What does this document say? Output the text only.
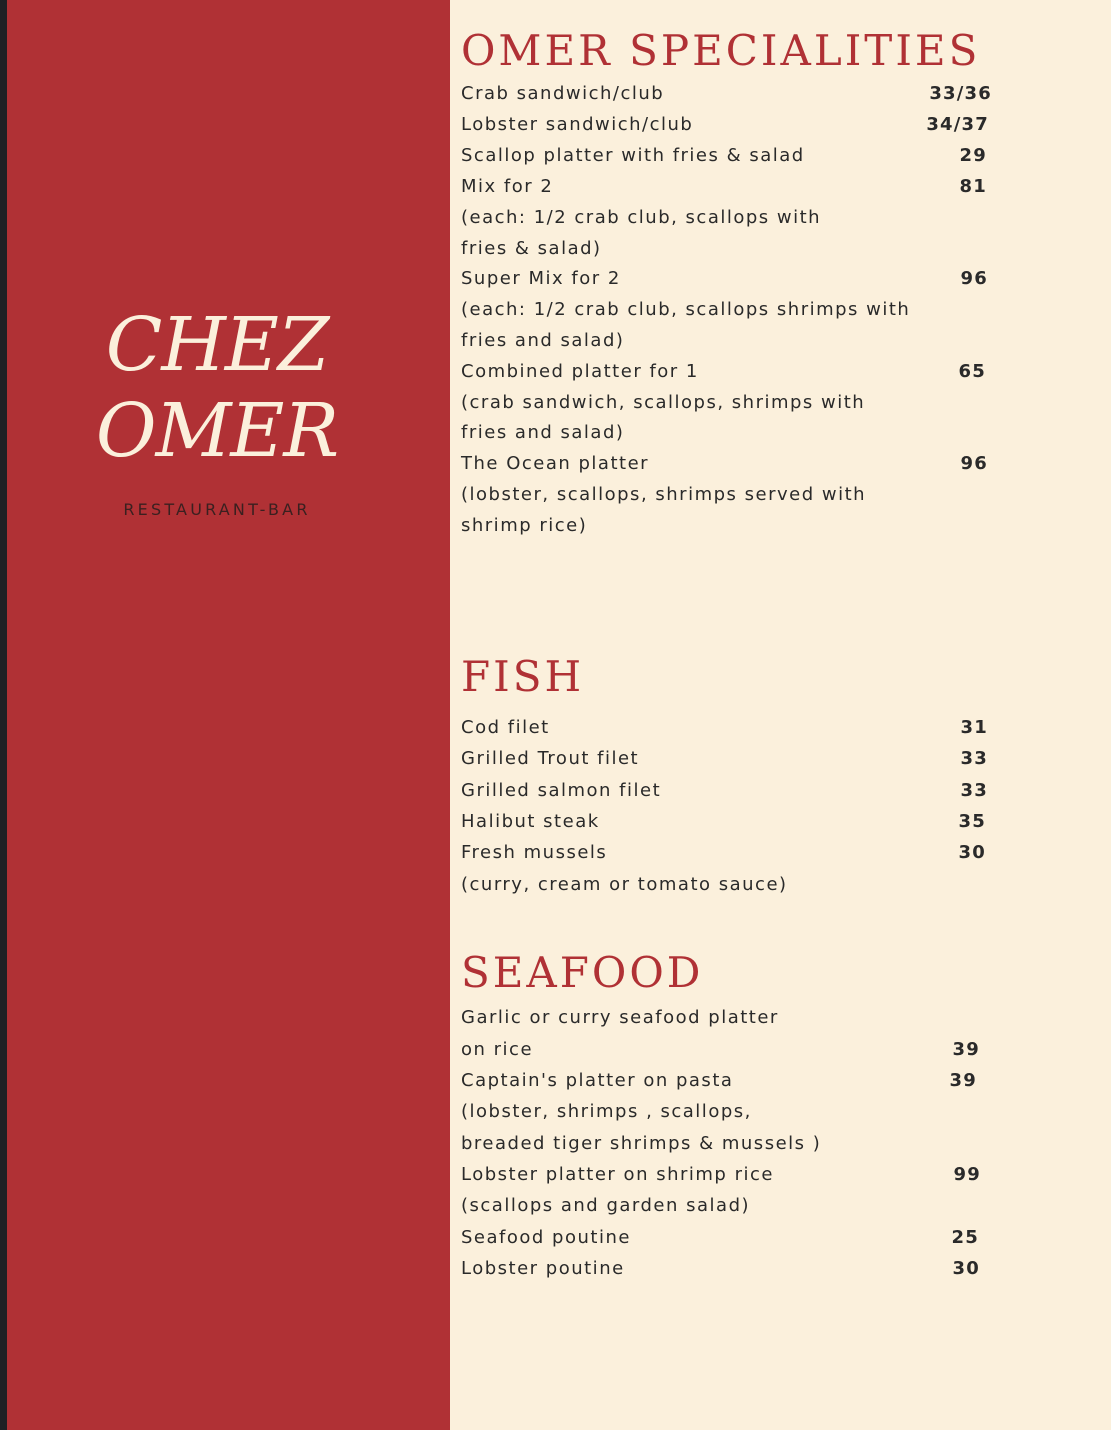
CHEZ
OMER
RESTAURANT-BAR
OMER SPECIALITIES
Crab sandwich/club	33/36
Lobster sandwich/club	34/37
Scallop platter with fries & salad	29
Mix for 2	81
(each: 1/2 crab club, scallops with
fries & salad)
Super Mix for 2	96
(each: 1/2 crab club, scallops shrimps with
fries and salad)
Combined platter for 1	65
(crab sandwich, scallops, shrimps with
fries and salad)
The Ocean platter	96
(lobster, scallops, shrimps served with
shrimp rice)
FISH
Cod filet	31
Grilled Trout filet	33
Grilled salmon filet	33
Halibut steak	35
Fresh mussels	30
(curry, cream or tomato sauce)
SEAFOOD
Garlic or curry seafood platter
on rice	39
Captain's platter on pasta	39
(lobster, shrimps , scallops,
breaded tiger shrimps & mussels )
Lobster platter on shrimp rice	99
(scallops and garden salad)
Seafood poutine	25
Lobster poutine	30
